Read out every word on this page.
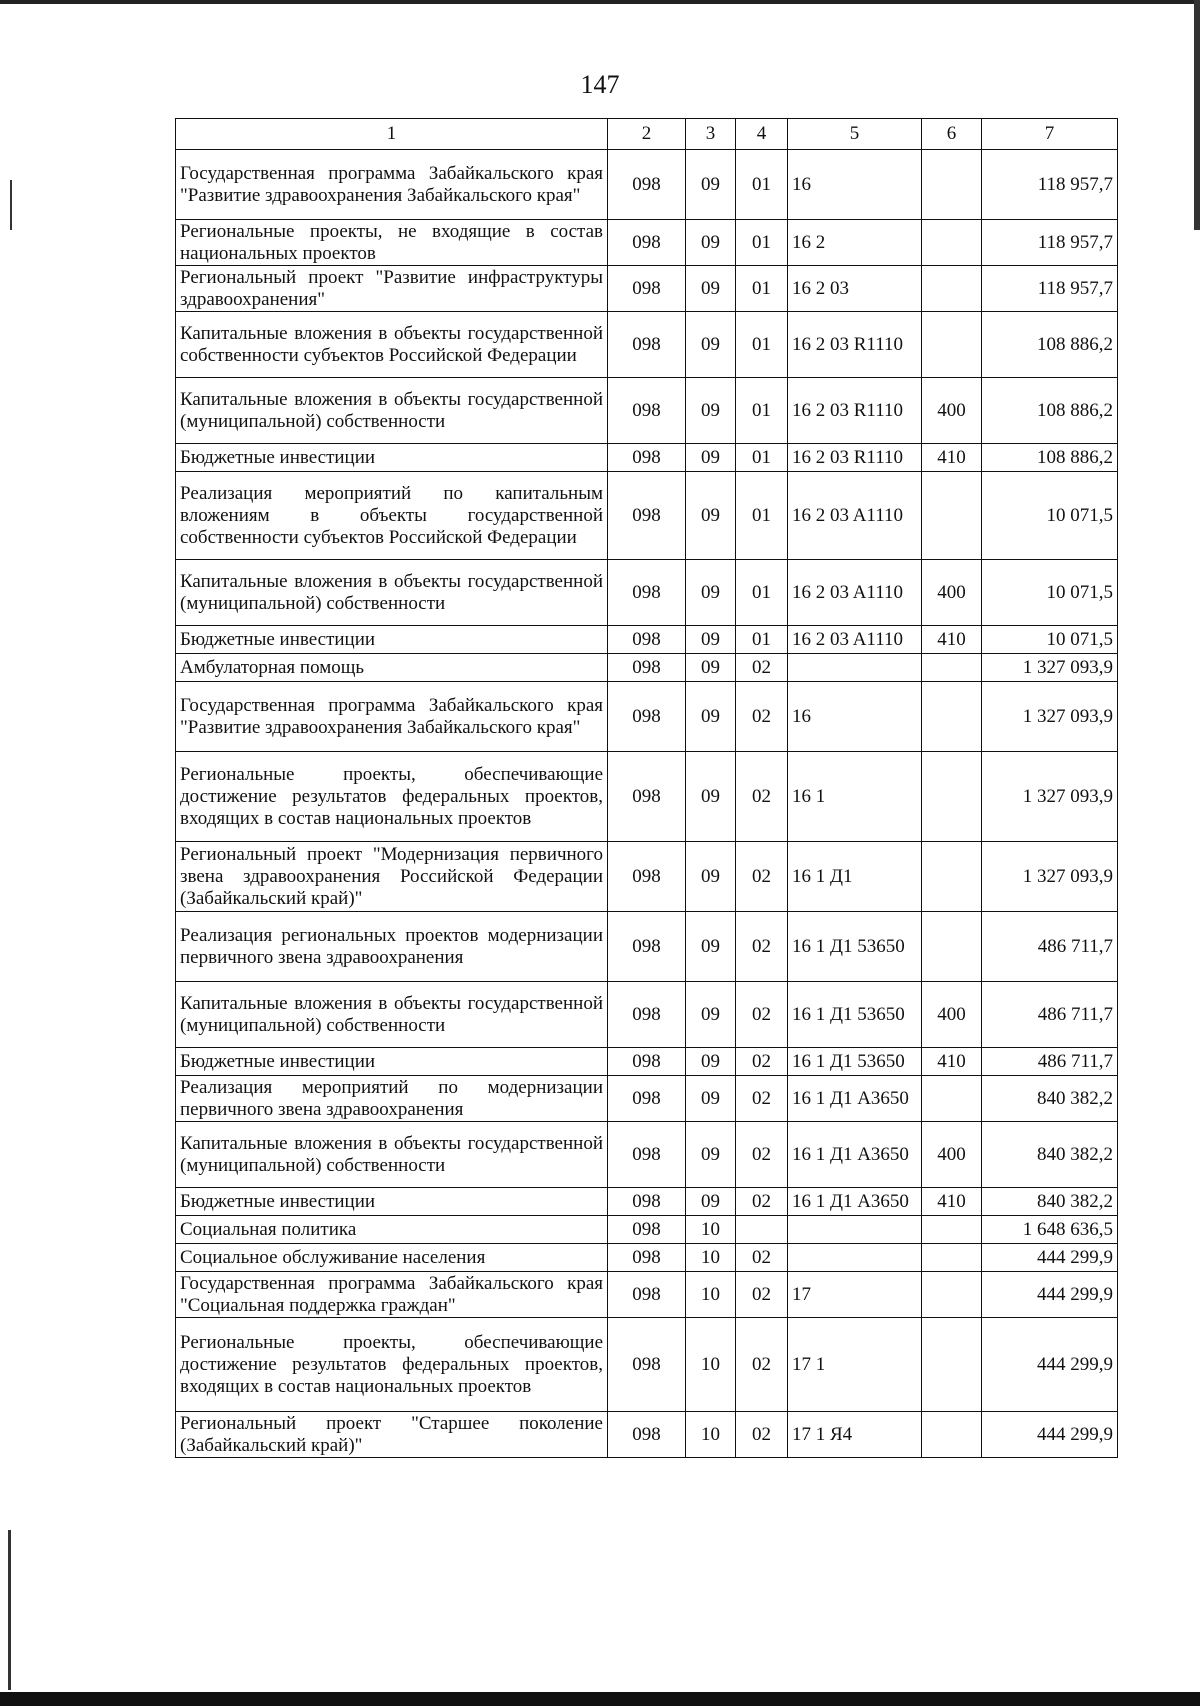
147
1	2	3	4	5	6	7
Государственная программа Забайкальского края "Развитие здравоохранения Забайкальского края"	098	09	01	16		118 957,7
Региональные проекты, не входящие в состав национальных проектов	098	09	01	16 2		118 957,7
Региональный проект "Развитие инфраструктуры здравоохранения"	098	09	01	16 2 03		118 957,7
Капитальные вложения в объекты государственной собственности субъектов Российской Федерации	098	09	01	16 2 03 R1110		108 886,2
Капитальные вложения в объекты государственной (муниципальной) собственности	098	09	01	16 2 03 R1110	400	108 886,2
Бюджетные инвестиции	098	09	01	16 2 03 R1110	410	108 886,2
Реализация мероприятий по капитальным вложениям в объекты государственной собственности субъектов Российской Федерации	098	09	01	16 2 03 A1110		10 071,5
Капитальные вложения в объекты государственной (муниципальной) собственности	098	09	01	16 2 03 A1110	400	10 071,5
Бюджетные инвестиции	098	09	01	16 2 03 A1110	410	10 071,5
Амбулаторная помощь	098	09	02			1 327 093,9
Государственная программа Забайкальского края "Развитие здравоохранения Забайкальского края"	098	09	02	16		1 327 093,9
Региональные проекты, обеспечивающие достижение результатов федеральных проектов, входящих в состав национальных проектов	098	09	02	16 1		1 327 093,9
Региональный проект "Модернизация первичного звена здравоохранения Российской Федерации (Забайкальский край)"	098	09	02	16 1 Д1		1 327 093,9
Реализация региональных проектов модернизации первичного звена здравоохранения	098	09	02	16 1 Д1 53650		486 711,7
Капитальные вложения в объекты государственной (муниципальной) собственности	098	09	02	16 1 Д1 53650	400	486 711,7
Бюджетные инвестиции	098	09	02	16 1 Д1 53650	410	486 711,7
Реализация мероприятий по модернизации первичного звена здравоохранения	098	09	02	16 1 Д1 A3650		840 382,2
Капитальные вложения в объекты государственной (муниципальной) собственности	098	09	02	16 1 Д1 A3650	400	840 382,2
Бюджетные инвестиции	098	09	02	16 1 Д1 A3650	410	840 382,2
Социальная политика	098	10				1 648 636,5
Социальное обслуживание населения	098	10	02			444 299,9
Государственная программа Забайкальского края "Социальная поддержка граждан"	098	10	02	17		444 299,9
Региональные проекты, обеспечивающие достижение результатов федеральных проектов, входящих в состав национальных проектов	098	10	02	17 1		444 299,9
Региональный проект "Старшее поколение (Забайкальский край)"	098	10	02	17 1 Я4		444 299,9
